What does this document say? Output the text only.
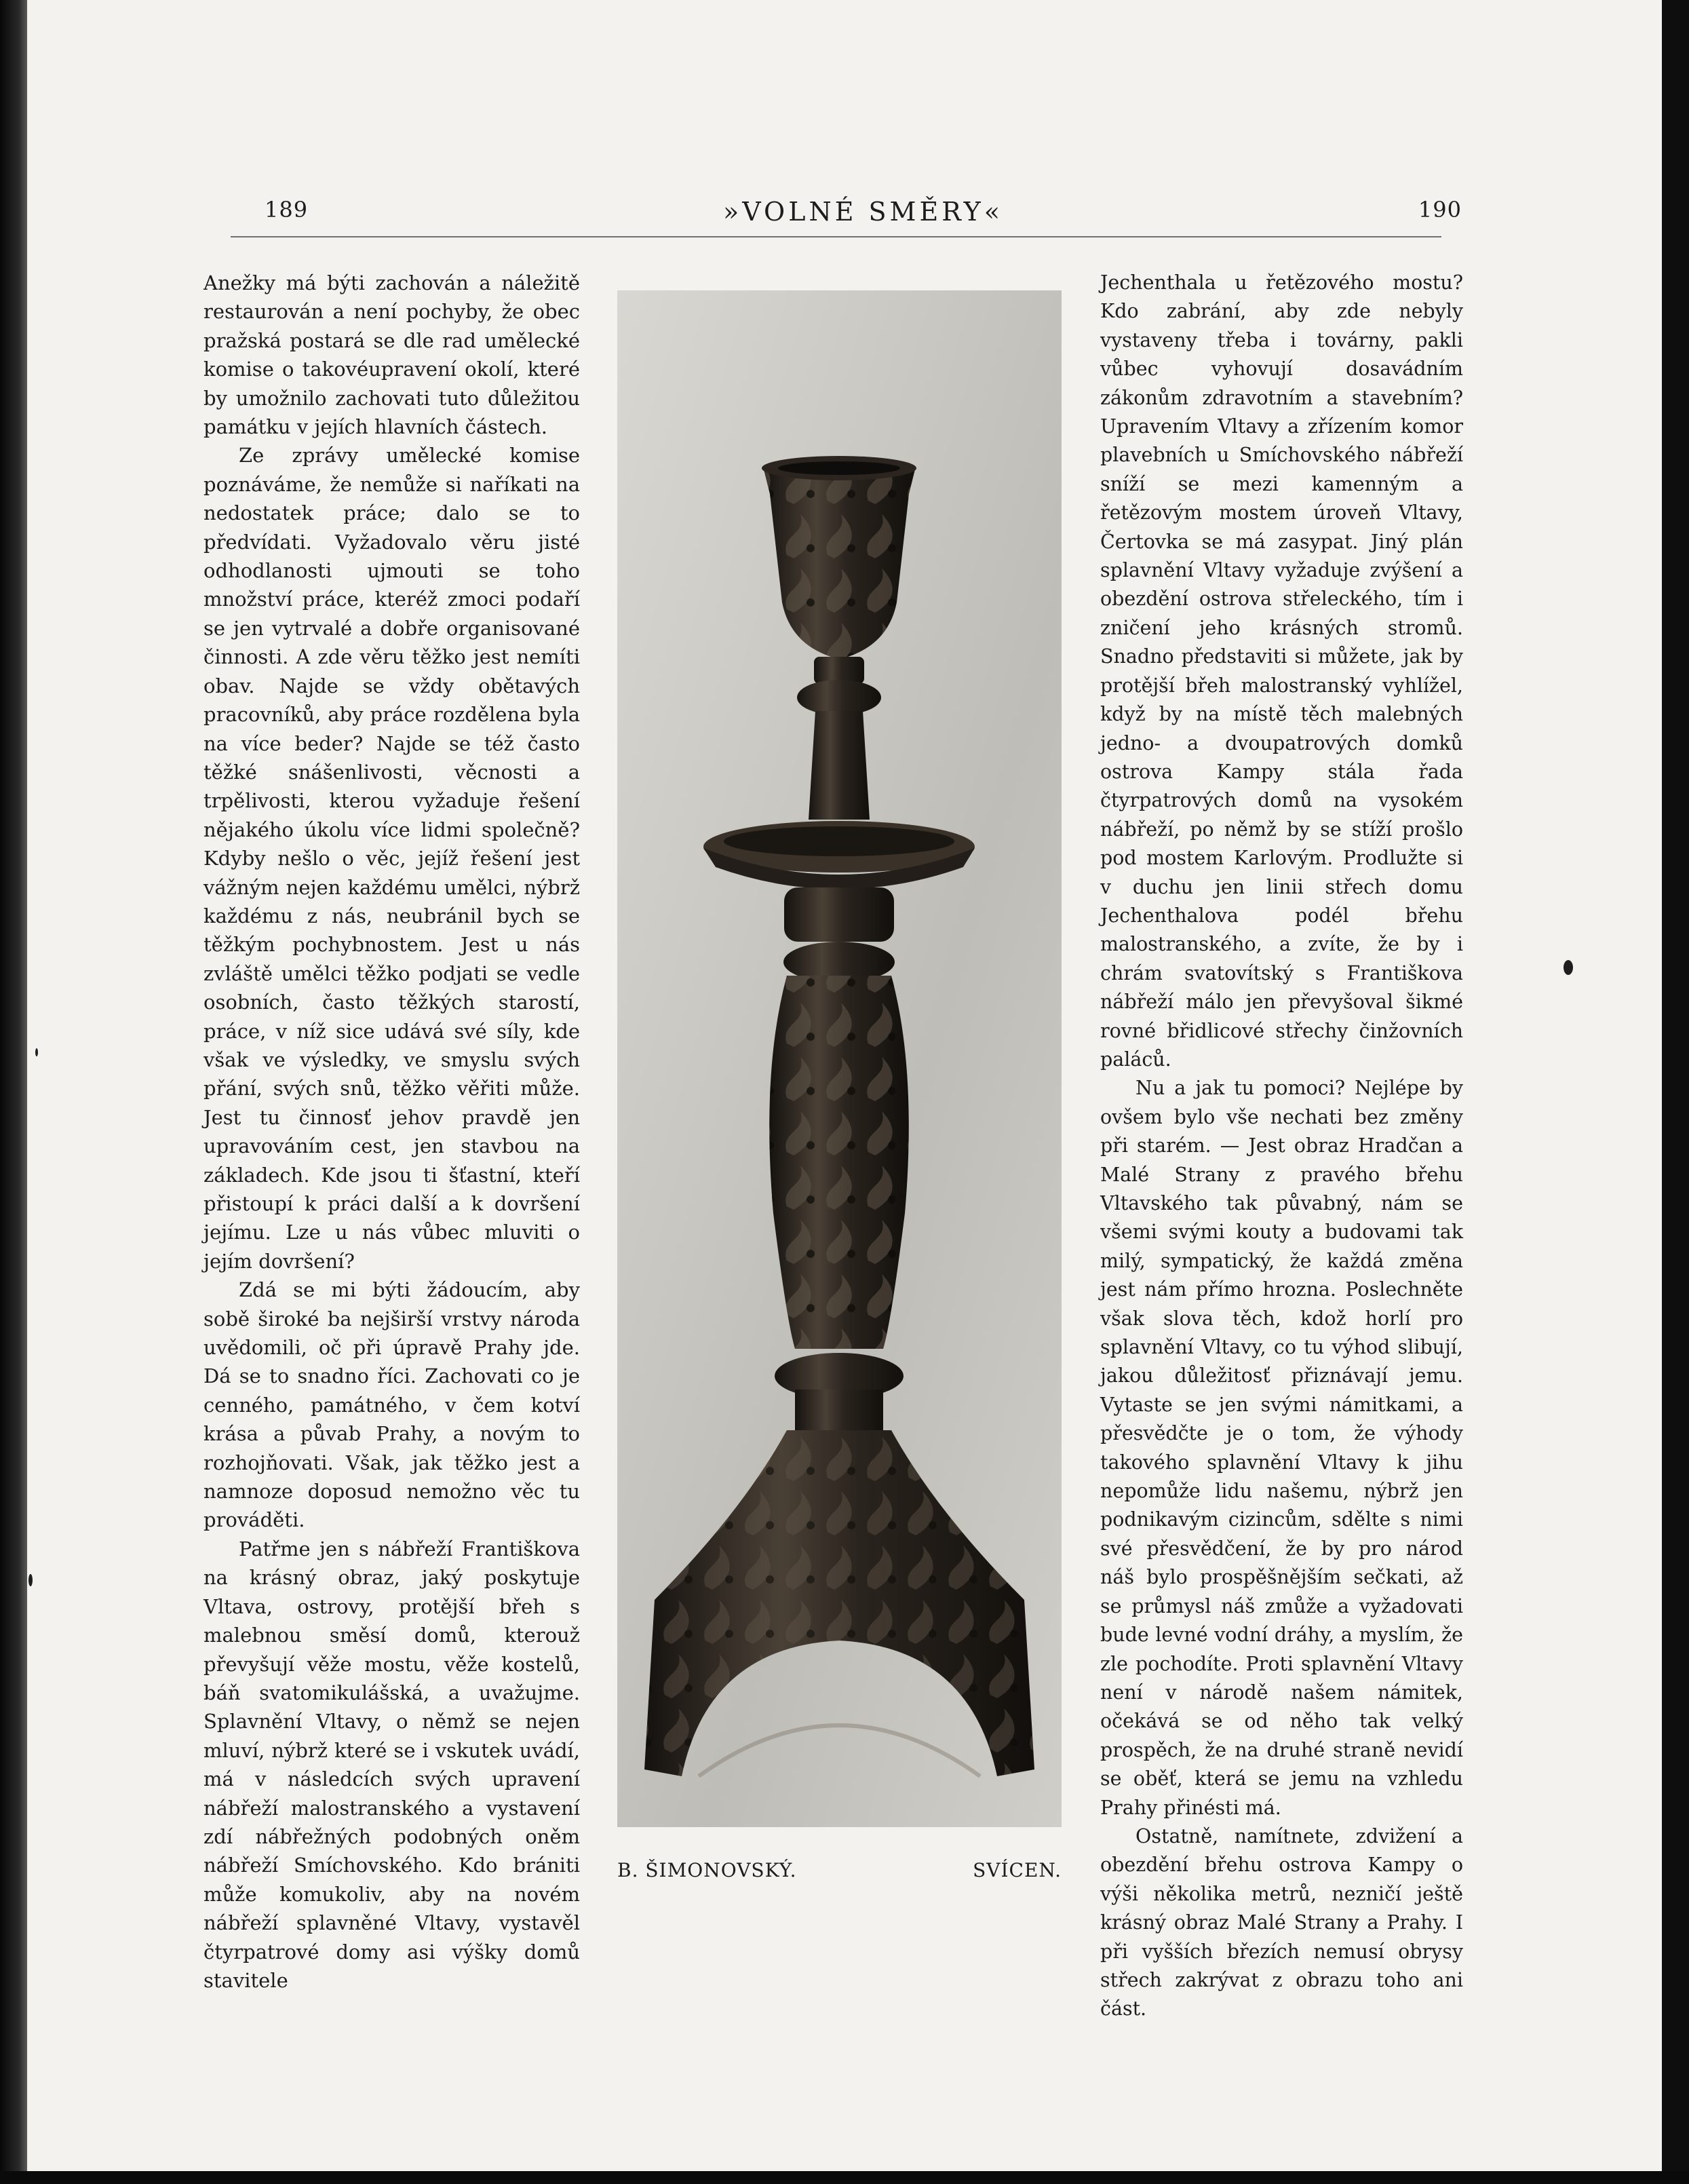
189	»VOLNÉ SMĚRY«	190

Anežky má býti zachován a náležitě restaurován a není pochyby, že obec pražská postará se dle rad umělecké komise o takovéupravení okolí, které by umožnilo zachovati tuto důležitou památku v jejích hlavních částech.

Ze zprávy umělecké komise poznáváme, že nemůže si naříkati na nedostatek práce; dalo se to předvídati. Vyžadovalo věru jisté odhodlanosti ujmouti se toho množství práce, kteréž zmoci podaří se jen vytrvalé a dobře organisované činnosti. A zde věru těžko jest nemíti obav. Najde se vždy obětavých pracovníků, aby práce rozdělena byla na více beder? Najde se též často těžké snášenlivosti, věcnosti a trpělivosti, kterou vyžaduje řešení nějakého úkolu více lidmi společně? Kdyby nešlo o věc, jejíž řešení jest vážným nejen každému umělci, nýbrž každému z nás, neubránil bych se těžkým pochybnostem. Jest u nás zvláště umělci těžko podjati se vedle osobních, často těžkých starostí, práce, v níž sice udává své síly, kde však ve výsledky, ve smyslu svých přání, svých snů, těžko věřiti může. Jest tu činnosť jehov pravdě jen upravováním cest, jen stavbou na základech. Kde jsou ti šťastní, kteří přistoupí k práci další a k dovršení jejímu. Lze u nás vůbec mluviti o jejím dovršení?

Zdá se mi býti žádoucím, aby sobě široké ba nejširší vrstvy národa uvědomili, oč při úpravě Prahy jde. Dá se to snadno říci. Zachovati co je cenného, památného, v čem kotví krása a půvab Prahy, a novým to rozhojňovati. Však, jak těžko jest a namnoze doposud nemožno věc tu prováděti.

Patřme jen s nábřeží Františkova na krásný obraz, jaký poskytuje Vltava, ostrovy, protější břeh s malebnou směsí domů, kterouž převyšují věže mostu, věže kostelů, báň svatomikulášská, a uvažujme. Splavnění Vltavy, o němž se nejen mluví, nýbrž které se i vskutek uvádí, má v následcích svých upravení nábřeží malostranského a vystavení zdí nábřežných podobných oněm nábřeží Smíchovského. Kdo brániti může komukoliv, aby na novém nábřeží splavněné Vltavy, vystavěl čtyrpatrové domy asi výšky domů stavitele

B. ŠIMONOVSKÝ.	SVÍCEN.

Jechenthala u řetězového mostu? Kdo zabrání, aby zde nebyly vystaveny třeba i továrny, pakli vůbec vyhovují dosavádním zákonům zdravotním a stavebním? Upravením Vltavy a zřízením komor plavebních u Smíchovského nábřeží sníží se mezi kamenným a řetězovým mostem úroveň Vltavy, Čertovka se má zasypat. Jiný plán splavnění Vltavy vyžaduje zvýšení a obezdění ostrova střeleckého, tím i zničení jeho krásných stromů. Snadno představiti si můžete, jak by protější břeh malostranský vyhlížel, když by na místě těch malebných jedno- a dvoupatrových domků ostrova Kampy stála řada čtyrpatrových domů na vysokém nábřeží, po němž by se stíží prošlo pod mostem Karlovým. Prodlužte si v duchu jen linii střech domu Jechenthalova podél břehu malostranského, a zvíte, že by i chrám svatovítský s Františkova nábřeží málo jen převyšoval šikmé rovné břidlicové střechy činžovních paláců.

Nu a jak tu pomoci? Nejlépe by ovšem bylo vše nechati bez změny při starém. — Jest obraz Hradčan a Malé Strany z pravého břehu Vltavského tak půvabný, nám se všemi svými kouty a budovami tak milý, sympatický, že každá změna jest nám přímo hrozna. Poslechněte však slova těch, kdož horlí pro splavnění Vltavy, co tu výhod slibují, jakou důležitosť přiznávají jemu. Vytaste se jen svými námitkami, a přesvědčte je o tom, že výhody takového splavnění Vltavy k jihu nepomůže lidu našemu, nýbrž jen podnikavým cizincům, sdělte s nimi své přesvědčení, že by pro národ náš bylo prospěšnějším sečkati, až se průmysl náš zmůže a vyžadovati bude levné vodní dráhy, a myslím, že zle pochodíte. Proti splavnění Vltavy není v národě našem námitek, očekává se od něho tak velký prospěch, že na druhé straně nevidí se oběť, která se jemu na vzhledu Prahy přinésti má.

Ostatně, namítnete, zdvižení a obezdění břehu ostrova Kampy o výši několika metrů, nezničí ještě krásný obraz Malé Strany a Prahy. I při vyšších březích nemusí obrysy střech zakrývat z obrazu toho ani část.
